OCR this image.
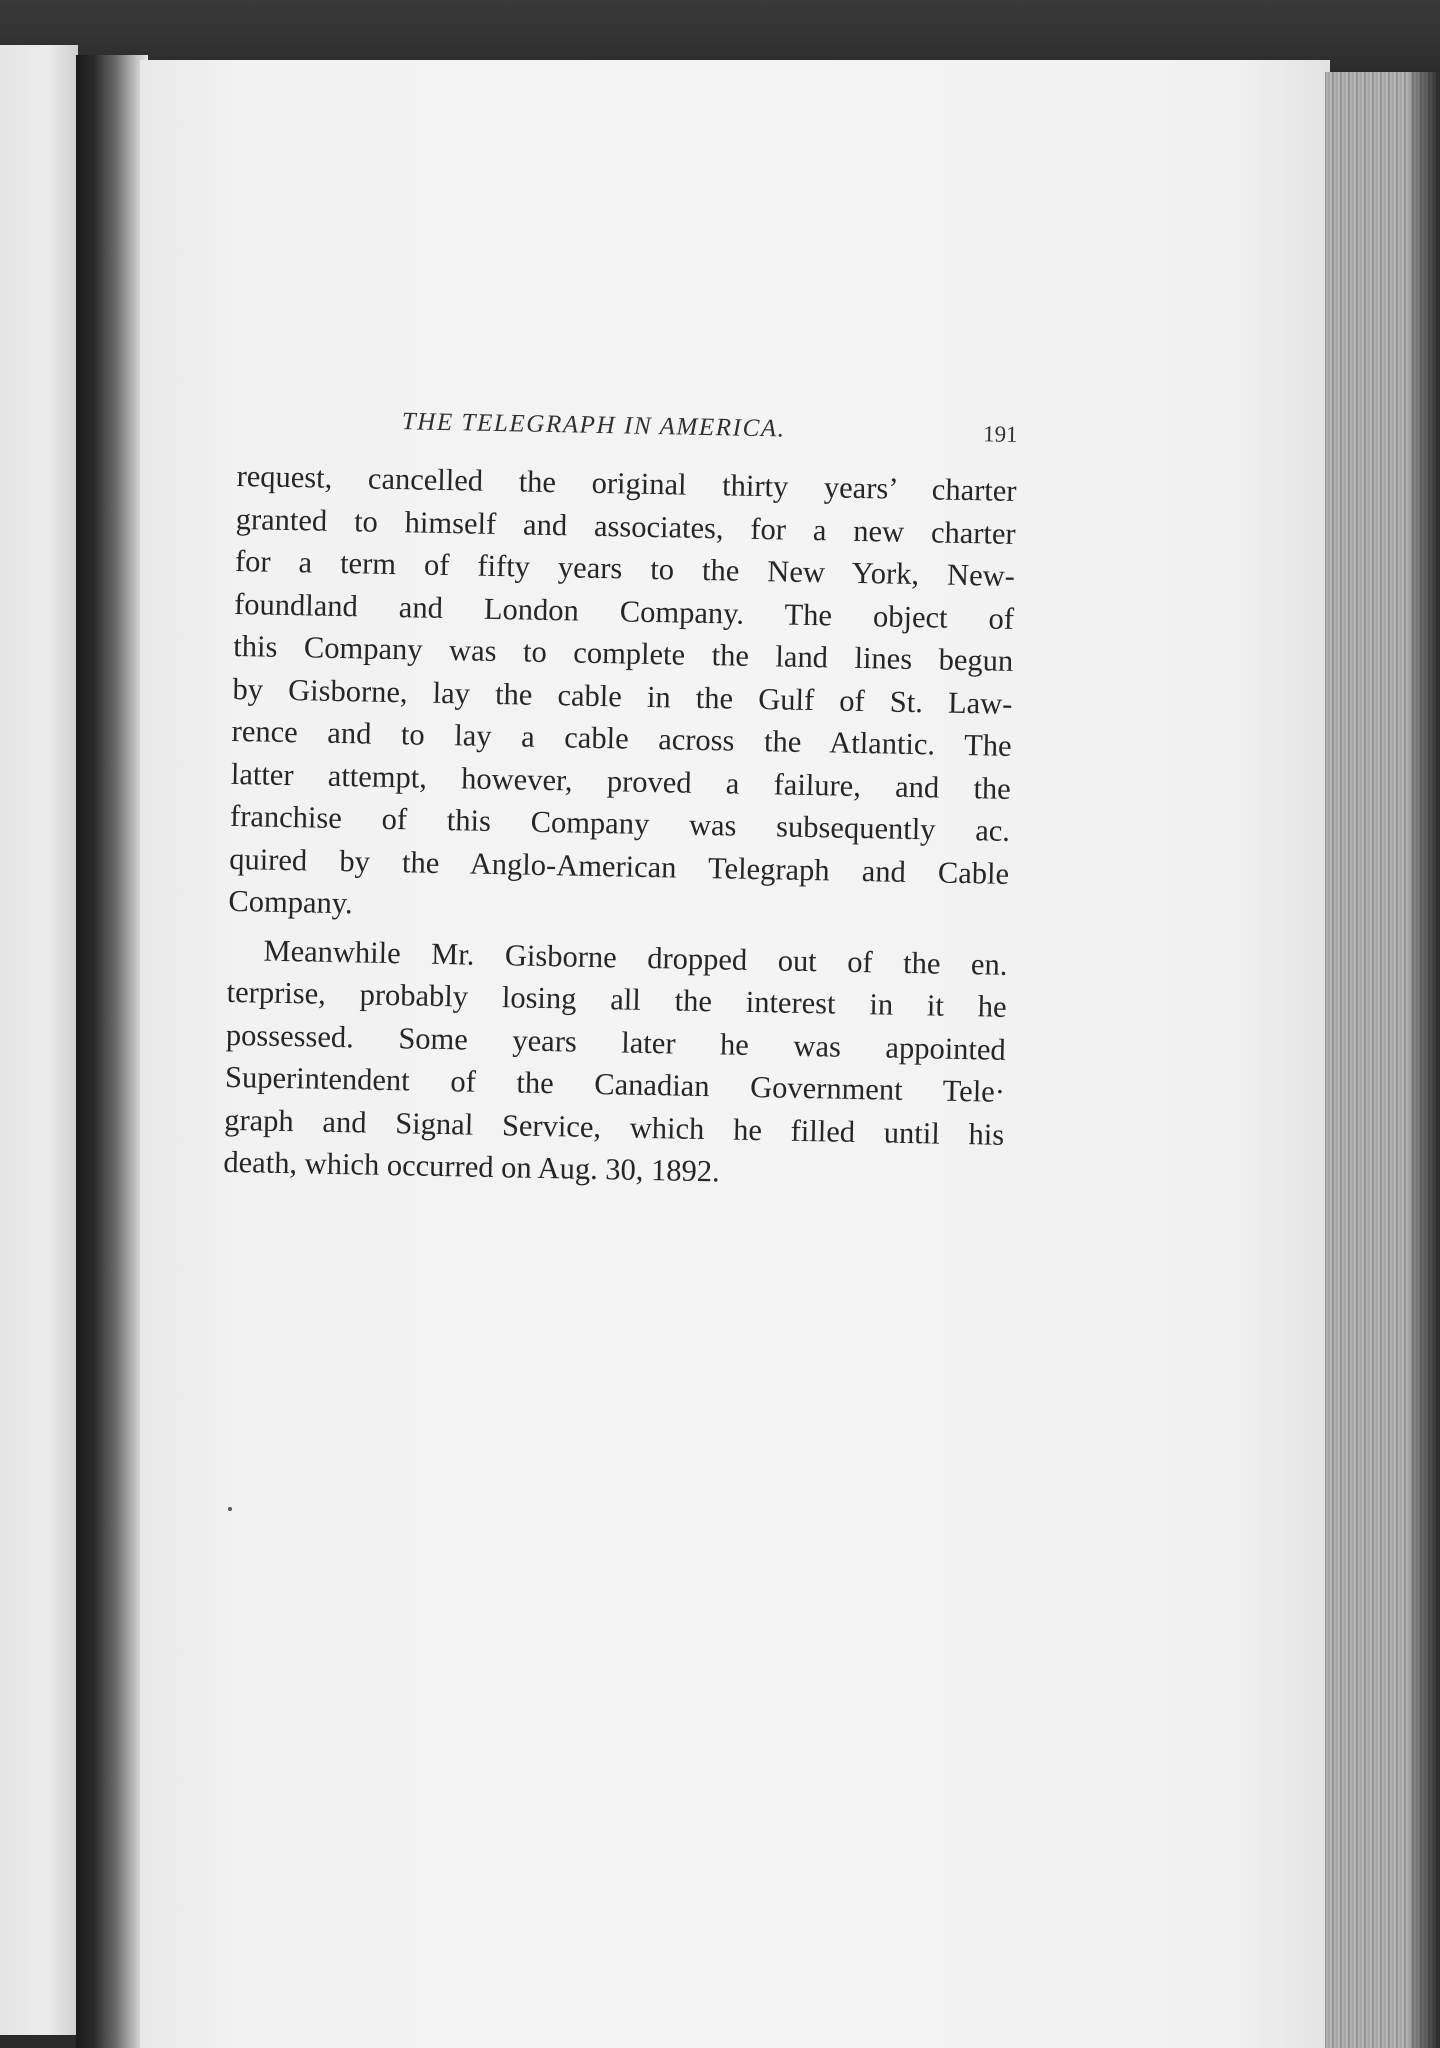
THE TELEGRAPH IN AMERICA.	191
request, cancelled the original thirty years’ charter
granted to himself and associates, for a new charter
for a term of fifty years to the New York, New-
foundland and London Company. The object of
this Company was to complete the land lines begun
by Gisborne, lay the cable in the Gulf of St. Law-
rence and to lay a cable across the Atlantic. The
latter attempt, however, proved a failure, and the
franchise of this Company was subsequently ac.
quired by the Anglo-American Telegraph and Cable
Company.
Meanwhile Mr. Gisborne dropped out of the en.
terprise, probably losing all the interest in it he
possessed. Some years later he was appointed
Superintendent of the Canadian Government Tele·
graph and Signal Service, which he filled until his
death, which occurred on Aug. 30, 1892.
